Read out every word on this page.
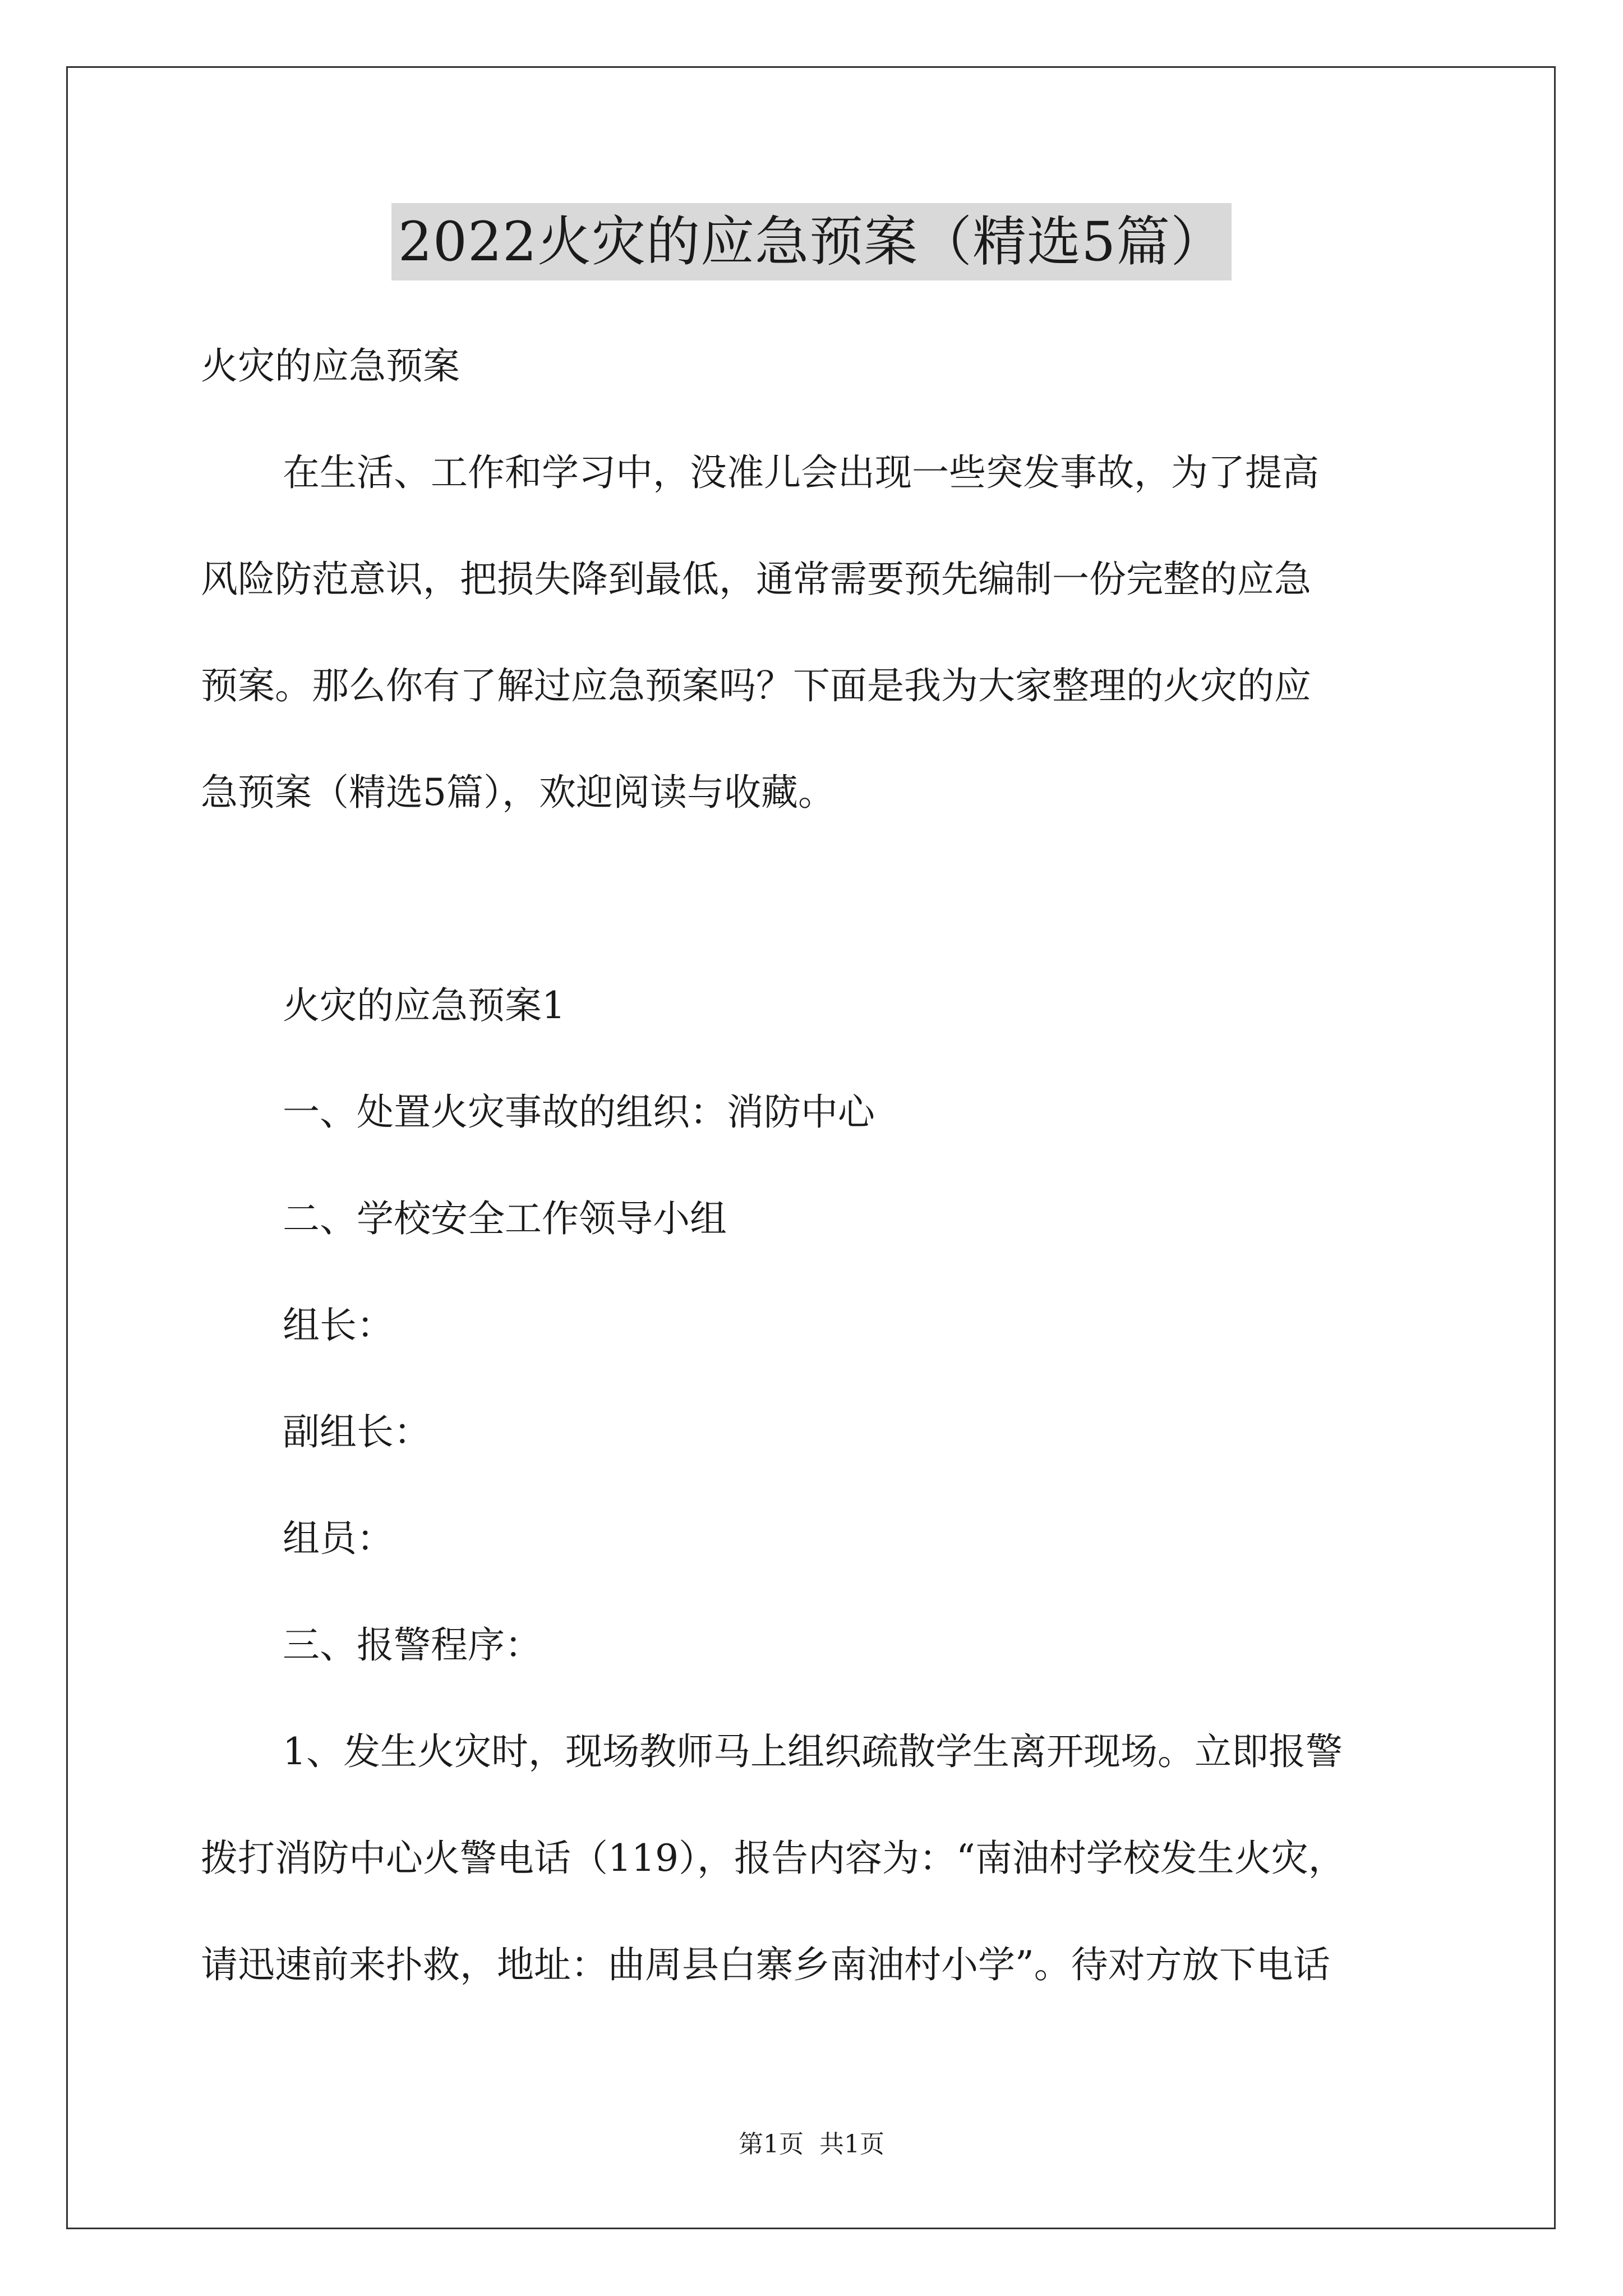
2022火灾的应急预案（精选5篇）

火灾的应急预案

在生活、工作和学习中，没准儿会出现一些突发事故，为了提高

风险防范意识，把损失降到最低，通常需要预先编制一份完整的应急

预案。那么你有了解过应急预案吗？下面是我为大家整理的火灾的应

急预案（精选5篇），欢迎阅读与收藏。

火灾的应急预案1

一、处置火灾事故的组织：消防中心

二、学校安全工作领导小组

组长：

副组长：

组员：

三、报警程序：

1、发生火灾时，现场教师马上组织疏散学生离开现场。立即报警

拨打消防中心火警电话（119），报告内容为：“南油村学校发生火灾，

请迅速前来扑救，地址：曲周县白寨乡南油村小学”。待对方放下电话

第1页  共1页
